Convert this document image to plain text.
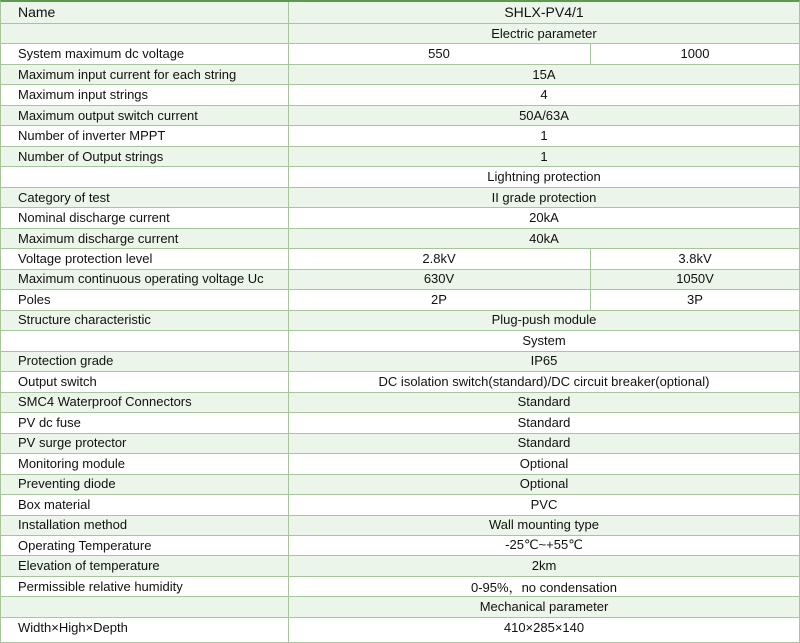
Name	SHLX-PV4/1
Electric parameter
System maximum dc voltage	550	1000
Maximum input current for each string	15A
Maximum input strings	4
Maximum output switch current	50A/63A
Number of inverter MPPT	1
Number of Output strings	1
Lightning protection
Category of test	II grade protection
Nominal discharge current	20kA
Maximum discharge current	40kA
Voltage protection level	2.8kV	3.8kV
Maximum continuous operating voltage Uc	630V	1050V
Poles	2P	3P
Structure characteristic	Plug-push module
System
Protection grade	IP65
Output switch	DC isolation switch(standard)/DC circuit breaker(optional)
SMC4 Waterproof Connectors	Standard
PV dc fuse	Standard
PV surge protector	Standard
Monitoring module	Optional
Preventing diode	Optional
Box material	PVC
Installation method	Wall mounting type
Operating Temperature	-25℃~+55℃
Elevation of temperature	2km
Permissible relative humidity	0-95%，no condensation
Mechanical parameter
Width×High×Depth	410×285×140
